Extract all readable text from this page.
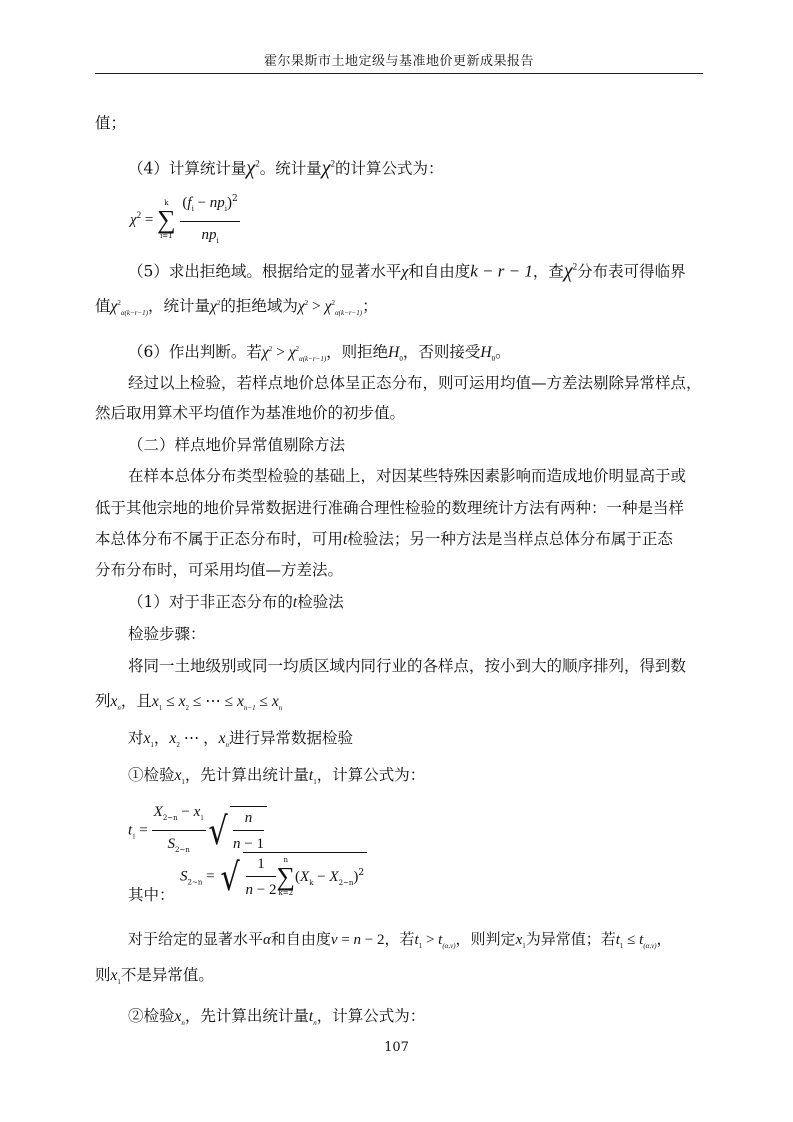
霍尔果斯市土地定级与基准地价更新成果报告
值；
（4）计算统计量$\chi^2$。统计量$\chi^2$的计算公式为：
$\chi^2$ =
k
∑
i=1
$\frac{(f_i - np_i)^2}{np_i}$
（5）求出拒绝域。根据给定的显著水平χ和自由度k − r − 1，查$\chi^2$分布表可得临界
值$\chi^2_{\alpha(k-r-1)}$，统计量$\chi^2$的拒绝域为$\chi^2 > \chi^2_{\alpha(k-r-1)}$；
（6）作出判断。若$\chi^2 > \chi^2_{\alpha(k-r-1)}$，则拒绝$H_0$，否则接受$H_0$。
经过以上检验，若样点地价总体呈正态分布，则可运用均值—方差法剔除异常样点，
然后取用算术平均值作为基准地价的初步值。
（二）样点地价异常值剔除方法
在样本总体分布类型检验的基础上，对因某些特殊因素影响而造成地价明显高于或
低于其他宗地的地价异常数据进行准确合理性检验的数理统计方法有两种：一种是当样
本总体分布不属于正态分布时，可用t检验法；另一种方法是当样点总体分布属于正态
分布分布时，可采用均值—方差法。
（1）对于非正态分布的t检验法
检验步骤：
将同一土地级别或同一均质区域内同行业的各样点，按小到大的顺序排列，得到数
列$x_n$，且$x_1 \le x_2$ ≤ ⋯ ≤ $x_{n-1} \le x_n$
对$x_1$，$x_2$ ⋯ ，$x_n$进行异常数据检验
①检验$x_1$，先计算出统计量$t_1$，计算公式为：
$t_1 = \frac{X_{2\sim n} - x_1}{S_{2\sim n}}$ √ $\frac{n}{n - 1}$
$S_{2\sim n}$ = √ $\frac{1}{n - 2}$	n
∑
k=2
$(X_k - X_{2\sim n})^2$
其中：
对于给定的显著水平α和自由度v = n − 2，若$t_1 > t_{(\alpha,v)}$，则判定$x_1$为异常值；若$t_1 \le t_{(\alpha,v)}$，
则$x_1$不是异常值。
②检验$x_n$，先计算出统计量$t_n$，计算公式为：
107
